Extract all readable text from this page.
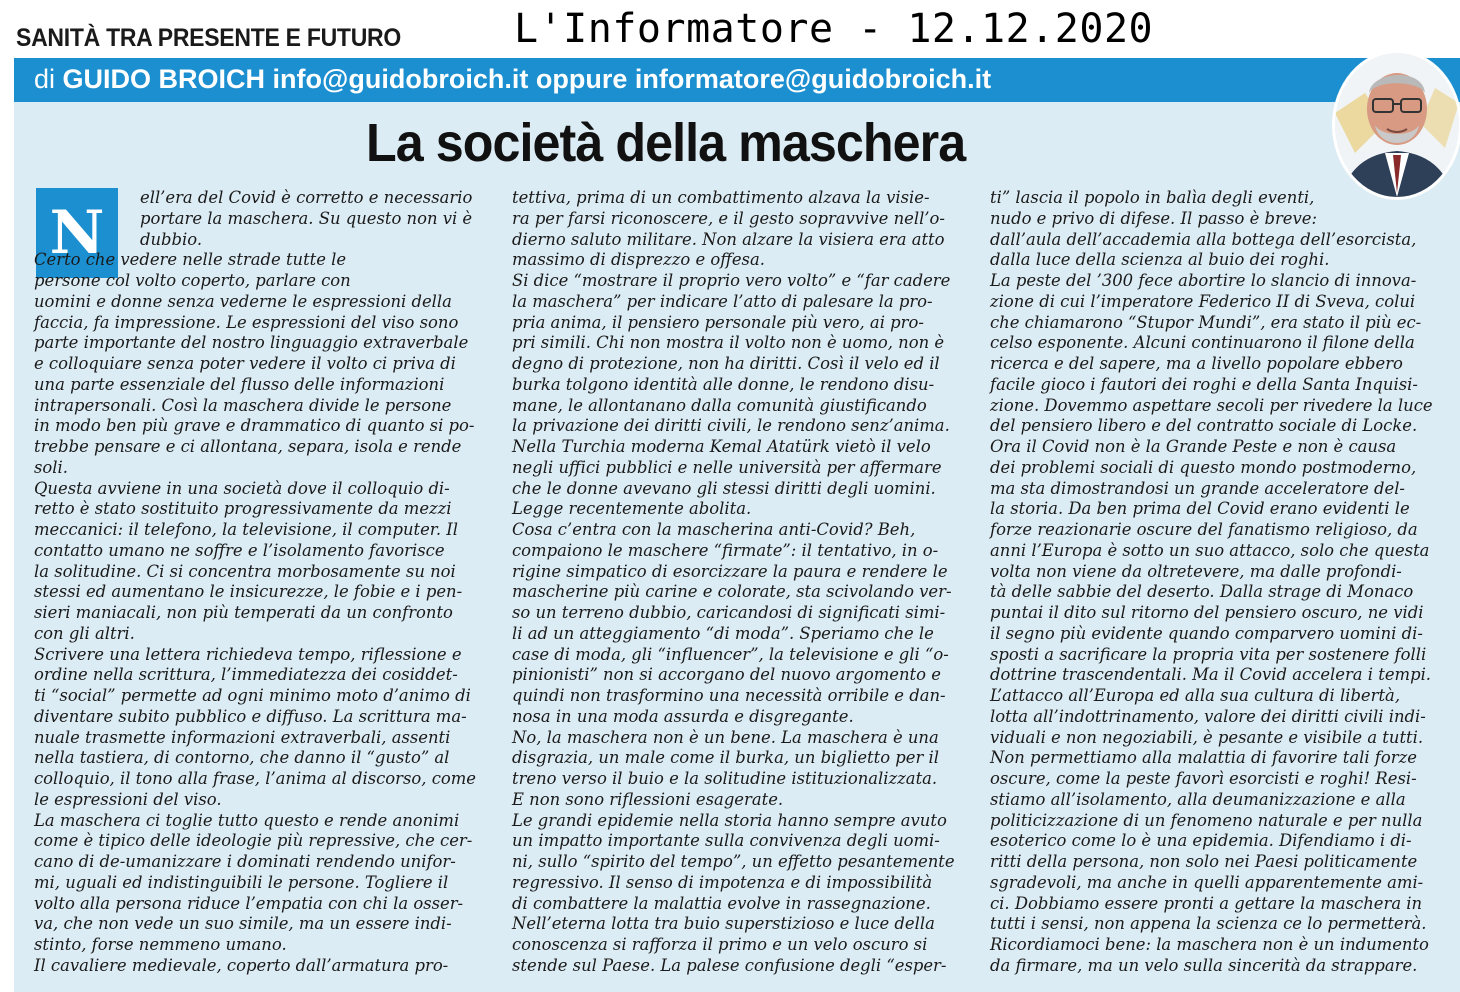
SANITÀ TRA PRESENTE E FUTURO	L'Informatore - 12.12.2020
di GUIDO BROICH info@guidobroich.it oppure informatore@guidobroich.it
La società della maschera
N

ell’era del Covid è corretto e necessario

portare la maschera. Su questo non vi è

dubbio.

Certo che vedere nelle strade tutte le

persone col volto coperto, parlare con

uomini e donne senza vederne le espressioni della

faccia, fa impressione. Le espressioni del viso sono

parte importante del nostro linguaggio extraverbale

e colloquiare senza poter vedere il volto ci priva di

una parte essenziale del flusso delle informazioni

intrapersonali. Così la maschera divide le persone

in modo ben più grave e drammatico di quanto si po-

trebbe pensare e ci allontana, separa, isola e rende

soli.

Questa avviene in una società dove il colloquio di-

retto è stato sostituito progressivamente da mezzi

meccanici: il telefono, la televisione, il computer. Il

contatto umano ne soffre e l’isolamento favorisce

la solitudine. Ci si concentra morbosamente su noi

stessi ed aumentano le insicurezze, le fobie e i pen-

sieri maniacali, non più temperati da un confronto

con gli altri.

Scrivere una lettera richiedeva tempo, riflessione e

ordine nella scrittura, l’immediatezza dei cosiddet-

ti “social” permette ad ogni minimo moto d’animo di

diventare subito pubblico e diffuso. La scrittura ma-

nuale trasmette informazioni extraverbali, assenti

nella tastiera, di contorno, che danno il “gusto” al

colloquio, il tono alla frase, l’anima al discorso, come

le espressioni del viso.

La maschera ci toglie tutto questo e rende anonimi

come è tipico delle ideologie più repressive, che cer-

cano di de-umanizzare i dominati rendendo unifor-

mi, uguali ed indistinguibili le persone. Togliere il

volto alla persona riduce l’empatia con chi la osser-

va, che non vede un suo simile, ma un essere indi-

stinto, forse nemmeno umano.

Il cavaliere medievale, coperto dall’armatura pro-

tettiva, prima di un combattimento alzava la visie-

ra per farsi riconoscere, e il gesto sopravvive nell’o-

dierno saluto militare. Non alzare la visiera era atto

massimo di disprezzo e offesa.

Si dice “mostrare il proprio vero volto” e “far cadere

la maschera” per indicare l’atto di palesare la pro-

pria anima, il pensiero personale più vero, ai pro-

pri simili. Chi non mostra il volto non è uomo, non è

degno di protezione, non ha diritti. Così il velo ed il

burka tolgono identità alle donne, le rendono disu-

mane, le allontanano dalla comunità giustificando

la privazione dei diritti civili, le rendono senz’anima.

Nella Turchia moderna Kemal Atatürk vietò il velo

negli uffici pubblici e nelle università per affermare

che le donne avevano gli stessi diritti degli uomini.

Legge recentemente abolita.

Cosa c’entra con la mascherina anti-Covid? Beh,

compaiono le maschere “firmate”: il tentativo, in o-

rigine simpatico di esorcizzare la paura e rendere le

mascherine più carine e colorate, sta scivolando ver-

so un terreno dubbio, caricandosi di significati simi-

li ad un atteggiamento “di moda”. Speriamo che le

case di moda, gli “influencer”, la televisione e gli “o-

pinionisti” non si accorgano del nuovo argomento e

quindi non trasformino una necessità orribile e dan-

nosa in una moda assurda e disgregante.

No, la maschera non è un bene. La maschera è una

disgrazia, un male come il burka, un biglietto per il

treno verso il buio e la solitudine istituzionalizzata.

E non sono riflessioni esagerate.

Le grandi epidemie nella storia hanno sempre avuto

un impatto importante sulla convivenza degli uomi-

ni, sullo “spirito del tempo”, un effetto pesantemente

regressivo. Il senso di impotenza e di impossibilità

di combattere la malattia evolve in rassegnazione.

Nell’eterna lotta tra buio superstizioso e luce della

conoscenza si rafforza il primo e un velo oscuro si

stende sul Paese. La palese confusione degli “esper-

ti” lascia il popolo in balìa degli eventi,

nudo e privo di difese. Il passo è breve:

dall’aula dell’accademia alla bottega dell’esorcista,

dalla luce della scienza al buio dei roghi.

La peste del ’300 fece abortire lo slancio di innova-

zione di cui l’imperatore Federico II di Sveva, colui

che chiamarono “Stupor Mundi”, era stato il più ec-

celso esponente. Alcuni continuarono il filone della

ricerca e del sapere, ma a livello popolare ebbero

facile gioco i fautori dei roghi e della Santa Inquisi-

zione. Dovemmo aspettare secoli per rivedere la luce

del pensiero libero e del contratto sociale di Locke.

Ora il Covid non è la Grande Peste e non è causa

dei problemi sociali di questo mondo postmoderno,

ma sta dimostrandosi un grande acceleratore del-

la storia. Da ben prima del Covid erano evidenti le

forze reazionarie oscure del fanatismo religioso, da

anni l’Europa è sotto un suo attacco, solo che questa

volta non viene da oltretevere, ma dalle profondi-

tà delle sabbie del deserto. Dalla strage di Monaco

puntai il dito sul ritorno del pensiero oscuro, ne vidi

il segno più evidente quando comparvero uomini di-

sposti a sacrificare la propria vita per sostenere folli

dottrine trascendentali. Ma il Covid accelera i tempi.

L’attacco all’Europa ed alla sua cultura di libertà,

lotta all’indottrinamento, valore dei diritti civili indi-

viduali e non negoziabili, è pesante e visibile a tutti.

Non permettiamo alla malattia di favorire tali forze

oscure, come la peste favorì esorcisti e roghi! Resi-

stiamo all’isolamento, alla deumanizzazione e alla

politicizzazione di un fenomeno naturale e per nulla

esoterico come lo è una epidemia. Difendiamo i di-

ritti della persona, non solo nei Paesi politicamente

sgradevoli, ma anche in quelli apparentemente ami-

ci. Dobbiamo essere pronti a gettare la maschera in

tutti i sensi, non appena la scienza ce lo permetterà.

Ricordiamoci bene: la maschera non è un indumento

da firmare, ma un velo sulla sincerità da strappare.
